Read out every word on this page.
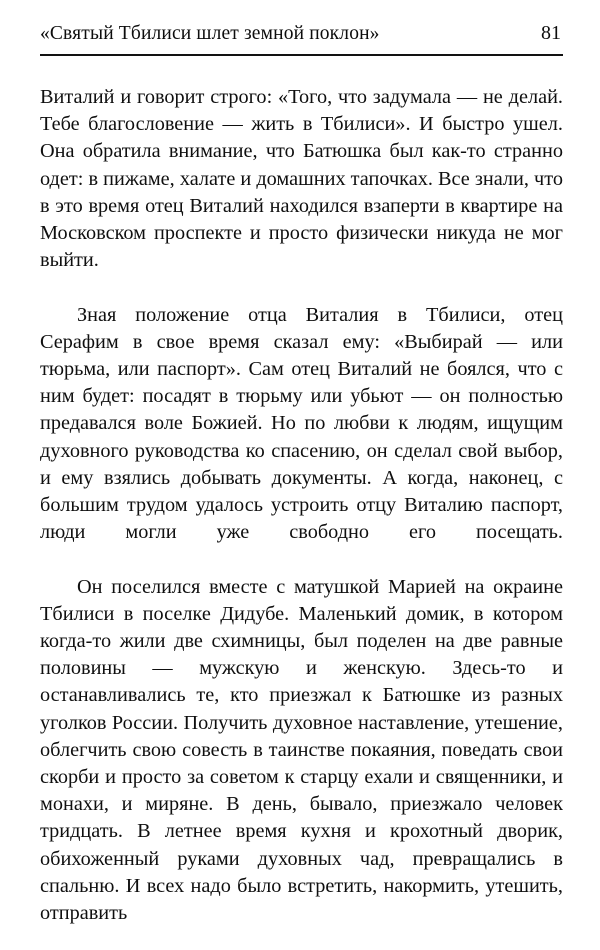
«Святый Тбилиси шлет земной поклон»	81

Виталий и говорит строго: «Того, что задумала — не делай. Тебе благословение — жить в Тбилиси». И быстро ушел. Она обратила внимание, что Батюшка был как-то странно одет: в пижаме, халате и домашних тапочках. Все знали, что в это время отец Виталий находился взаперти в квартире на Московском проспекте и просто физически никуда не мог выйти.

Зная положение отца Виталия в Тбилиси, отец Серафим в свое время сказал ему: «Выбирай — или тюрьма, или паспорт». Сам отец Виталий не боялся, что с ним будет: посадят в тюрьму или убьют — он полностью предавался воле Божией. Но по любви к людям, ищущим духовного руководства ко спасению, он сделал свой выбор, и ему взялись добывать документы. А когда, наконец, с большим трудом удалось устроить отцу Виталию паспорт, люди могли уже свободно его посещать.

Он поселился вместе с матушкой Марией на окраине Тбилиси в поселке Дидубе. Маленький домик, в котором когда-то жили две схимницы, был поделен на две равные половины — мужскую и женскую. Здесь-то и останавливались те, кто приезжал к Батюшке из разных уголков России. Получить духовное наставление, утешение, облегчить свою совесть в таинстве покаяния, поведать свои скорби и просто за советом к старцу ехали и священники, и монахи, и миряне. В день, бывало, приезжало человек тридцать. В летнее время кухня и крохотный дворик, обихоженный руками духовных чад, превращались в спальню. И всех надо было встретить, накормить, утешить, отправить
